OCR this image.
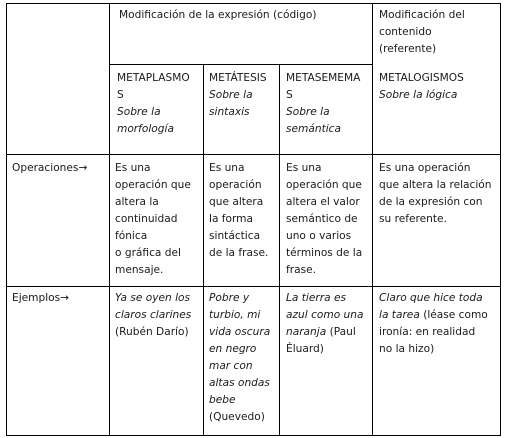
Modificación de la expresión (código)	Modificación del
contenido
(referente)
METAPLASMO
S
Sobre la
morfología
METÁTESIS
Sobre la
sintaxis
METASEMEMA
S
Sobre la
semántica
METALOGISMOS
Sobre la lógica
Operaciones→
Ejemplos→
Es una
operación que
altera la
continuidad
fónica
o gráfica del
mensaje.
Es una
operación
que altera
la forma
sintáctica
de la frase.
Es una
operación que
altera el valor
semántico de
uno o varios
términos de la
frase.
Es una operación
que altera la relación
de la expresión con
su referente.
Ya se oyen los
claros clarines
(Rubén Darío)
Pobre y
turbio, mi
vida oscura
en negro
mar con
altas ondas
bebe
(Quevedo)
La tierra es
azul como una
naranja (Paul
Éluard)
Claro que hice toda
la tarea (léase como
ironía: en realidad
no la hizo)
